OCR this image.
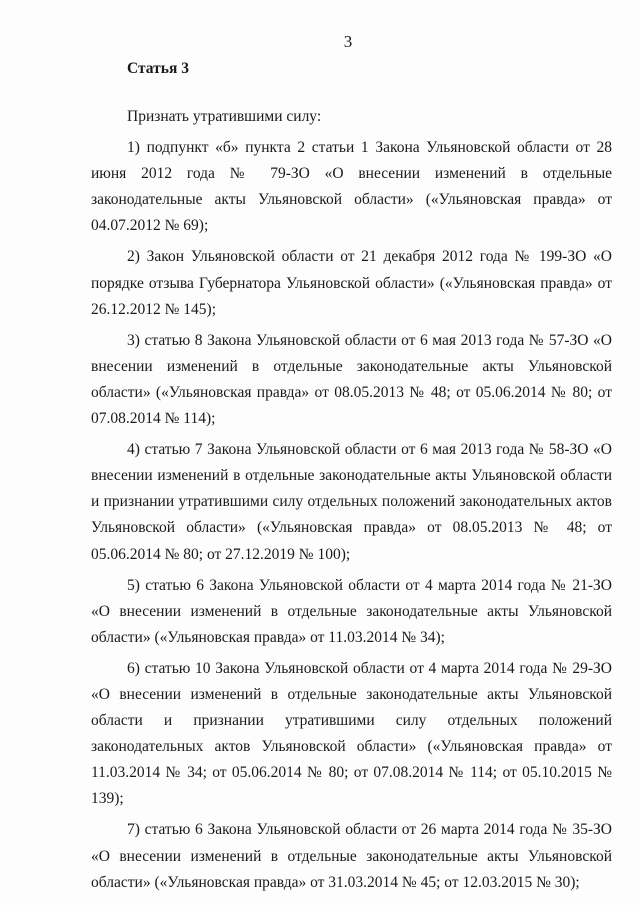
3
Статья 3

Признать утратившими силу:

1) подпункт «б» пункта 2 статьи 1 Закона Ульяновской области от 28 июня 2012 года № 79-ЗО «О внесении изменений в отдельные законодательные акты Ульяновской области» («Ульяновская правда» от 04.07.2012 № 69);

2) Закон Ульяновской области от 21 декабря 2012 года № 199-ЗО «О порядке отзыва Губернатора Ульяновской области» («Ульяновская правда» от 26.12.2012 № 145);

3) статью 8 Закона Ульяновской области от 6 мая 2013 года № 57-ЗО «О внесении изменений в отдельные законодательные акты Ульяновской области» («Ульяновская правда» от 08.05.2013 № 48; от 05.06.2014 № 80; от 07.08.2014 № 114);

4) статью 7 Закона Ульяновской области от 6 мая 2013 года № 58-ЗО «О внесении изменений в отдельные законодательные акты Ульяновской области и признании утратившими силу отдельных положений законодательных актов Ульяновской области» («Ульяновская правда» от 08.05.2013 № 48; от 05.06.2014 № 80; от 27.12.2019 № 100);

5) статью 6 Закона Ульяновской области от 4 марта 2014 года № 21-ЗО «О внесении изменений в отдельные законодательные акты Ульяновской области» («Ульяновская правда» от 11.03.2014 № 34);

6) статью 10 Закона Ульяновской области от 4 марта 2014 года № 29-ЗО «О внесении изменений в отдельные законодательные акты Ульяновской области и признании утратившими силу отдельных положений законодательных актов Ульяновской области» («Ульяновская правда» от 11.03.2014 № 34; от 05.06.2014 № 80; от 07.08.2014 № 114; от 05.10.2015 № 139);

7) статью 6 Закона Ульяновской области от 26 марта 2014 года № 35-ЗО «О внесении изменений в отдельные законодательные акты Ульяновской области» («Ульяновская правда» от 31.03.2014 № 45; от 12.03.2015 № 30);
